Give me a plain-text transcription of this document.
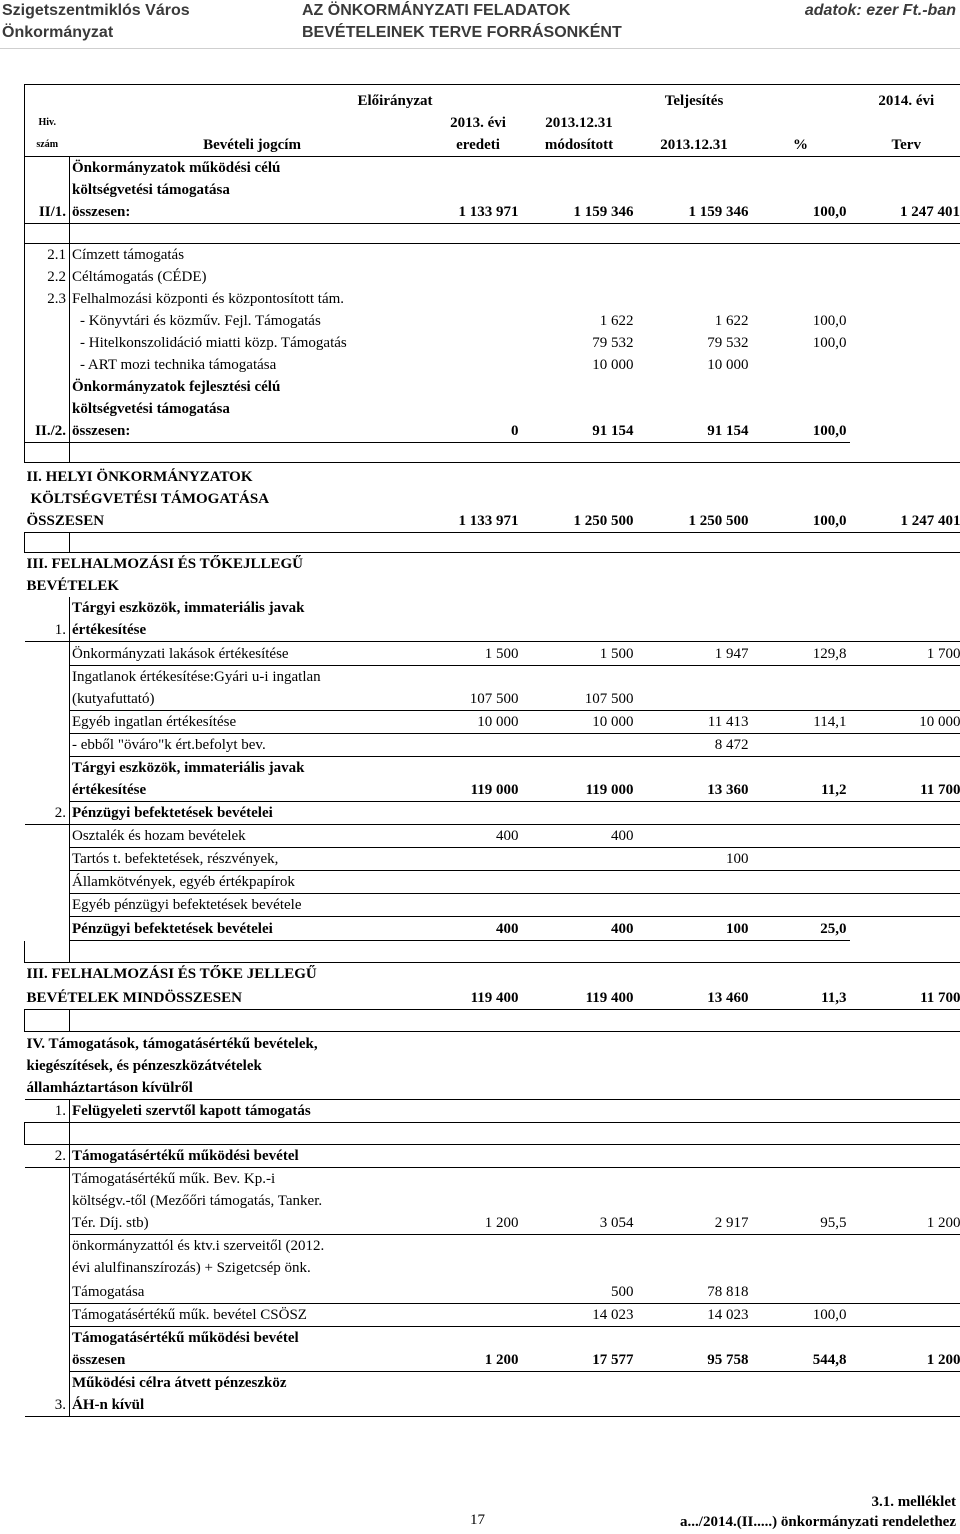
Szigetszentmiklós Város
Önkormányzat
AZ ÖNKORMÁNYZATI FELADATOK
BEVÉTELEINEK TERVE FORRÁSONKÉNT
adatok: ezer Ft.-ban
	Előirányzat			Teljesítés		2014. évi
Hiv.		2013. évi	2013.12.31			
szám	Bevételi jogcím	eredeti	módosított	2013.12.31	%	Terv
	Önkormányzatok működési célú					
	költségvetési támogatása					
II/1.	összesen:	1 133 971	1 159 346	1 159 346	100,0	1 247 401

2.1	Címzett támogatás					
2.2	Céltámogatás (CÉDE)					
2.3	Felhalmozási központi és központosított tám.					
	- Könyvtári és közműv. Fejl. Támogatás		1 622	1 622	100,0	
	- Hitelkonszolidáció miatti közp. Támogatás		79 532	79 532	100,0	
	- ART mozi technika támogatása		10 000	10 000		
	Önkormányzatok fejlesztési célú					
	költségvetési támogatása					
II./2.	összesen:	0	91 154	91 154	100,0	

II. HELYI ÖNKORMÁNYZATOK						
KÖLTSÉGVETÉSI TÁMOGATÁSA						
ÖSSZESEN		1 133 971	1 250 500	1 250 500	100,0	1 247 401

III. FELHALMOZÁSI ÉS TŐKEJLLEGŰ						
BEVÉTELEK						
	Tárgyi eszközök, immateriális javak					
1.	értékesítése					
	Önkormányzati lakások értékesítése	1 500	1 500	1 947	129,8	1 700
	Ingatlanok értékesítése:Gyári u-i ingatlan					
	(kutyafuttató)	107 500	107 500			
	Egyéb ingatlan értékesítése	10 000	10 000	11 413	114,1	10 000
	- ebből "öváro"k ért.befolyt bev.			8 472		
	Tárgyi eszközök, immateriális javak					
	értékesítése	119 000	119 000	13 360	11,2	11 700
2.	Pénzügyi befektetések bevételei					
	Osztalék és hozam bevételek	400	400			
	Tartós t. befektetések, részvények,			100		
	Államkötvények, egyéb értékpapírok					
	Egyéb pénzügyi befektetések bevétele					
	Pénzügyi befektetések bevételei	400	400	100	25,0	

III. FELHALMOZÁSI ÉS TŐKE JELLEGŰ						
BEVÉTELEK MINDÖSSZESEN		119 400	119 400	13 460	11,3	11 700

IV. Támogatások, támogatásértékű bevételek,						
kiegészítések, és pénzeszközátvételek						
államháztartáson kívülről						
1.	Felügyeleti szervtől kapott támogatás					

2.	Támogatásértékű működési bevétel					
	Támogatásértékű műk. Bev. Kp.-i					
	költségv.-től (Mezőőri támogatás, Tanker.					
	Tér. Díj. stb)	1 200	3 054	2 917	95,5	1 200
	önkormányzattól és ktv.i szerveitől (2012.					
	évi alulfinanszírozás) + Szigetcsép önk.					
	Támogatása		500	78 818		
	Támogatásértékű műk. bevétel CSÖSZ		14 023	14 023	100,0	
	Támogatásértékű működési bevétel					
	összesen	1 200	17 577	95 758	544,8	1 200
	Működési célra átvett pénzeszköz					
3.	ÁH-n kívül					
17
3.1. melléklet
a.../2014.(II.....) önkormányzati rendelethez
